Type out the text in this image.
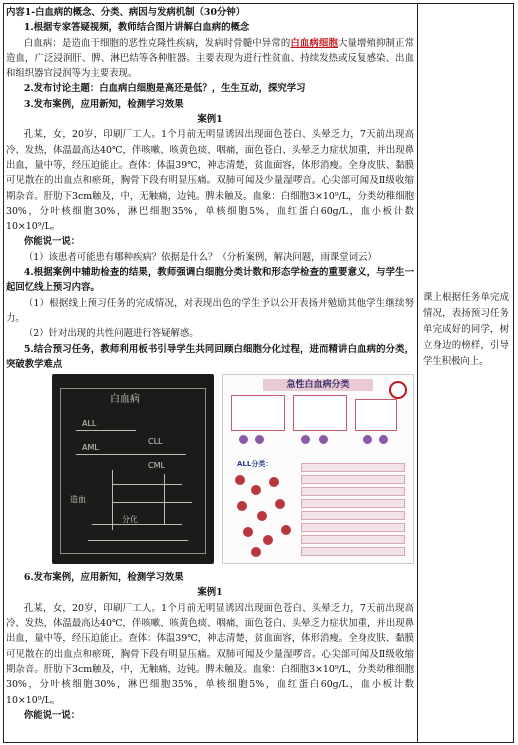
内容1-白血病的概念、分类、病因与发病机制（30分钟）

1.根据专家答疑视频，教师结合图片讲解白血病的概念

白血病：是造血干细胞的恶性克隆性疾病，发病时骨髓中异常的白血病细胞大量增殖抑制正常造血，广泛浸润肝、脾、淋巴结等各种脏器。主要表现为进行性贫血、持续发热或反复感染、出血和组织器官浸润等为主要表现。

2.发布讨论主题：白血病白细胞是高还是低？，生生互动，探究学习

3.发布案例，应用新知，检测学习效果

案例1

孔某，女，20岁，印刷厂工人。1个月前无明显诱因出现面色苍白、头晕乏力，7天前出现高冷、发热，体温最高达40℃，伴咳嗽、咳黄色痰、咽痛，面色苍白、头晕乏力症状加重，并出现鼻出血，量中等，经压迫能止。查体：体温39℃，神志清楚，贫血面容，体形消瘦。全身皮肤、黏膜可见散在的出血点和瘀斑，胸骨下段有明显压痛。双肺可闻及少量湿啰音。心尖部可闻及Ⅱ级收缩期杂音。肝肋下3cm触及，中，无触痛，边钝。脾未触及。血象：白细胞3×10⁹/L，分类幼稚细胞30%，分叶核细胞30%，淋巴细胞35%，单核细胞5%，血红蛋白60g/L，血小板计数10×10⁹/L。

你能说一说：

（1）该患者可能患有哪种疾病？依据是什么？（分析案例，解决问题，雨课堂词云）

4.根据案例中辅助检查的结果，教师强调白细胞分类计数和形态学检查的重要意义，与学生一起回忆线上预习内容。

（1）根据线上预习任务的完成情况，对表现出色的学生予以公开表扬并勉励其他学生继续努力。

（2）针对出现的共性问题进行答疑解惑。

5.结合预习任务，教师利用板书引导学生共同回顾白细胞分化过程，进而精讲白血病的分类，突破教学难点

白血病
ALL
AML
CLL
CML
造血
分化
急性白血病分类
ALL分类：

6.发布案例，应用新知，检测学习效果

案例1

孔某，女，20岁，印刷厂工人。1个月前无明显诱因出现面色苍白、头晕乏力，7天前出现高冷、发热，体温最高达40℃，伴咳嗽、咳黄色痰、咽痛，面色苍白、头晕乏力症状加重，并出现鼻出血，量中等，经压迫能止。查体：体温39℃，神志清楚，贫血面容，体形消瘦。全身皮肤、黏膜可见散在的出血点和瘀斑，胸骨下段有明显压痛。双肺可闻及少量湿啰音。心尖部可闻及Ⅱ级收缩期杂音。肝肋下3cm触及，中，无触痛，边钝。脾未触及。血象：白细胞3×10⁹/L，分类幼稚细胞30%，分叶核细胞30%，淋巴细胞35%，单核细胞5%，血红蛋白60g/L，血小板计数10×10⁹/L。

你能说一说：

课上根据任务单完成情况，表扬预习任务单完成好的同学，树立身边的榜样，引导学生积极向上。
